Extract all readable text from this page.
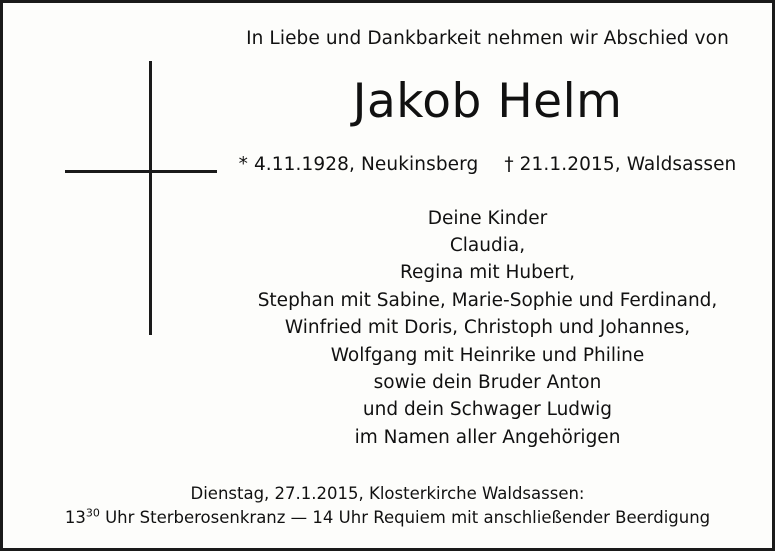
In Liebe und Dankbarkeit nehmen wir Abschied von
Jakob Helm
* 4.11.1928, Neukinsberg † 21.1.2015, Waldsassen
Deine Kinder
Claudia,
Regina mit Hubert,
Stephan mit Sabine, Marie-Sophie und Ferdinand,
Winfried mit Doris, Christoph und Johannes,
Wolfgang mit Heinrike und Philine
sowie dein Bruder Anton
und dein Schwager Ludwig
im Namen aller Angehörigen
Dienstag, 27.1.2015, Klosterkirche Waldsassen:
$13^{30}$ Uhr Sterberosenkranz — 14 Uhr Requiem mit anschließender Beerdigung
